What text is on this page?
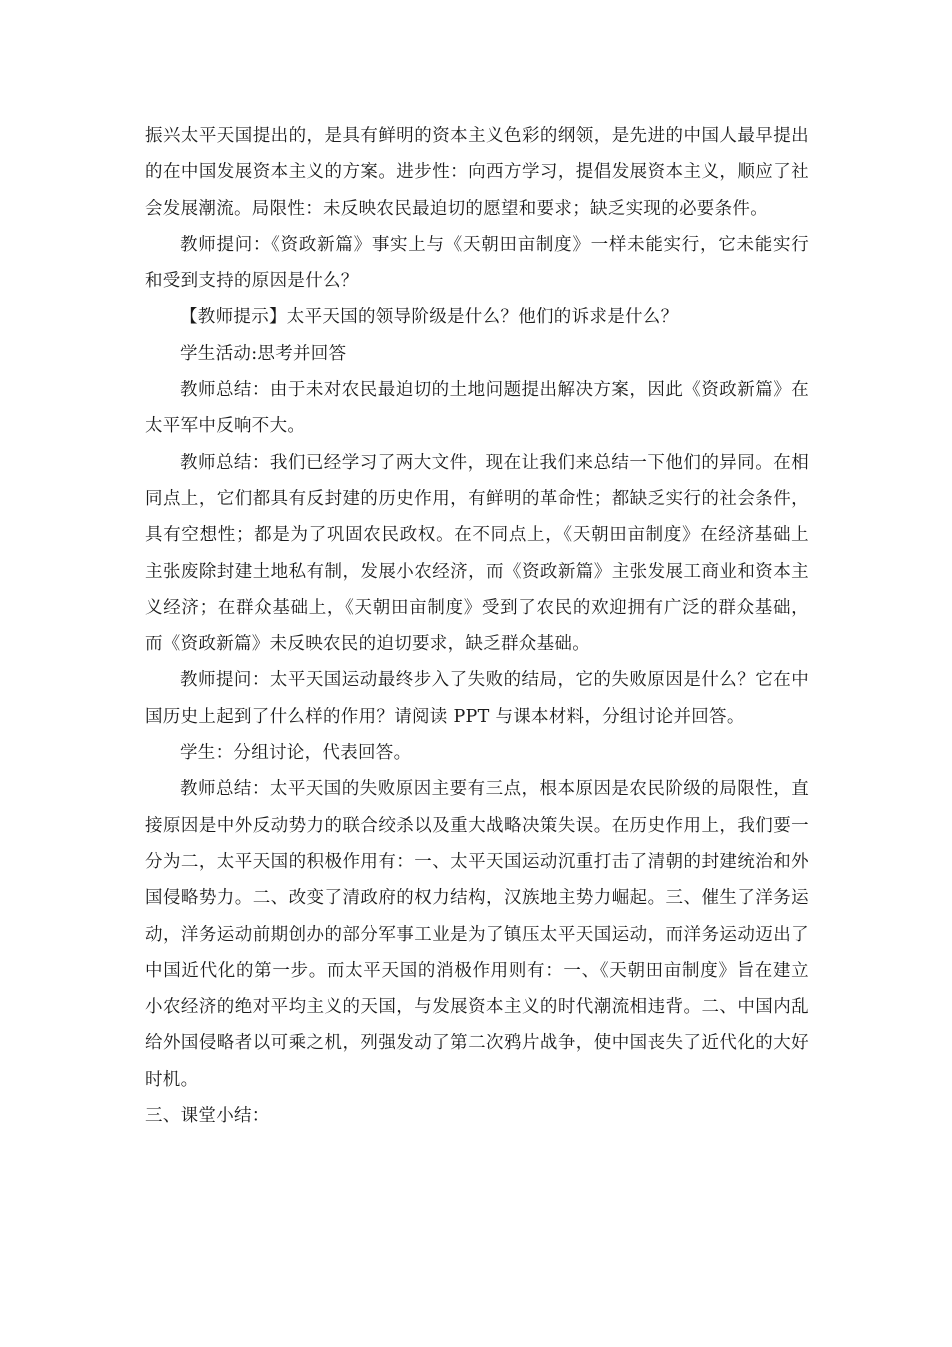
振兴太平天国提出的，是具有鲜明的资本主义色彩的纲领，是先进的中国人最早提出的在中国发展资本主义的方案。进步性：向西方学习，提倡发展资本主义，顺应了社会发展潮流。局限性：未反映农民最迫切的愿望和要求；缺乏实现的必要条件。

教师提问：《资政新篇》事实上与《天朝田亩制度》一样未能实行，它未能实行和受到支持的原因是什么？

【教师提示】太平天国的领导阶级是什么？他们的诉求是什么？

学生活动:思考并回答

教师总结：由于未对农民最迫切的土地问题提出解决方案，因此《资政新篇》在太平军中反响不大。

教师总结：我们已经学习了两大文件，现在让我们来总结一下他们的异同。在相同点上，它们都具有反封建的历史作用，有鲜明的革命性；都缺乏实行的社会条件，具有空想性；都是为了巩固农民政权。在不同点上，《天朝田亩制度》在经济基础上主张废除封建土地私有制，发展小农经济，而《资政新篇》主张发展工商业和资本主义经济；在群众基础上，《天朝田亩制度》受到了农民的欢迎拥有广泛的群众基础，而《资政新篇》未反映农民的迫切要求，缺乏群众基础。

教师提问：太平天国运动最终步入了失败的结局，它的失败原因是什么？它在中国历史上起到了什么样的作用？请阅读 PPT 与课本材料，分组讨论并回答。

学生：分组讨论，代表回答。

教师总结：太平天国的失败原因主要有三点，根本原因是农民阶级的局限性，直接原因是中外反动势力的联合绞杀以及重大战略决策失误。在历史作用上，我们要一分为二，太平天国的积极作用有：一、太平天国运动沉重打击了清朝的封建统治和外国侵略势力。二、改变了清政府的权力结构，汉族地主势力崛起。三、催生了洋务运动，洋务运动前期创办的部分军事工业是为了镇压太平天国运动，而洋务运动迈出了中国近代化的第一步。而太平天国的消极作用则有：一、《天朝田亩制度》旨在建立小农经济的绝对平均主义的天国，与发展资本主义的时代潮流相违背。二、中国内乱给外国侵略者以可乘之机，列强发动了第二次鸦片战争，使中国丧失了近代化的大好时机。

三、课堂小结：
